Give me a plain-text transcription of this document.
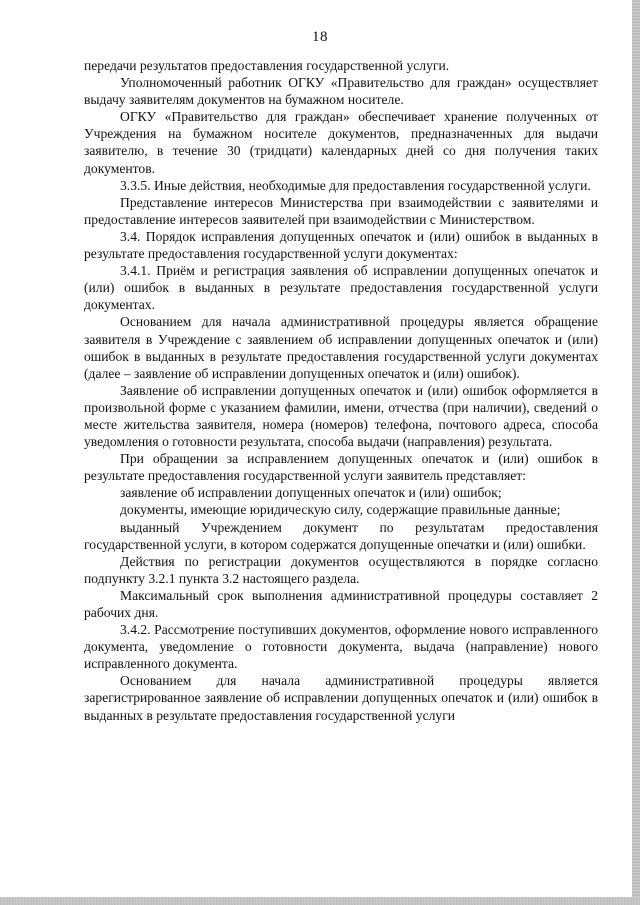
18

передачи результатов предоставления государственной услуги.

Уполномоченный работник ОГКУ «Правительство для граждан» осуществляет выдачу заявителям документов на бумажном носителе.

ОГКУ «Правительство для граждан» обеспечивает хранение полученных от Учреждения на бумажном носителе документов, предназначенных для выдачи заявителю, в течение 30 (тридцати) календарных дней со дня получения таких документов.

3.3.5. Иные действия, необходимые для предоставления государственной услуги.

Представление интересов Министерства при взаимодействии с заявителями и предоставление интересов заявителей при взаимодействии с Министерством.

3.4. Порядок исправления допущенных опечаток и (или) ошибок в выданных в результате предоставления государственной услуги документах:

3.4.1. Приём и регистрация заявления об исправлении допущенных опечаток и (или) ошибок в выданных в результате предоставления государственной услуги документах.

Основанием для начала административной процедуры является обращение заявителя в Учреждение с заявлением об исправлении допущенных опечаток и (или) ошибок в выданных в результате предоставления государственной услуги документах (далее – заявление об исправлении допущенных опечаток и (или) ошибок).

Заявление об исправлении допущенных опечаток и (или) ошибок оформляется в произвольной форме с указанием фамилии, имени, отчества (при наличии), сведений о месте жительства заявителя, номера (номеров) телефона, почтового адреса, способа уведомления о готовности результата, способа выдачи (направления) результата.

При обращении за исправлением допущенных опечаток и (или) ошибок в результате предоставления государственной услуги заявитель представляет:

заявление об исправлении допущенных опечаток и (или) ошибок;

документы, имеющие юридическую силу, содержащие правильные данные;

выданный Учреждением документ по результатам предоставления государственной услуги, в котором содержатся допущенные опечатки и (или) ошибки.

Действия по регистрации документов осуществляются в порядке согласно подпункту 3.2.1 пункта 3.2 настоящего раздела.

Максимальный срок выполнения административной процедуры составляет 2 рабочих дня.

3.4.2. Рассмотрение поступивших документов, оформление нового исправленного документа, уведомление о готовности документа, выдача (направление) нового исправленного документа.

Основанием для начала административной процедуры является зарегистрированное заявление об исправлении допущенных опечаток и (или) ошибок в выданных в результате предоставления государственной услуги
